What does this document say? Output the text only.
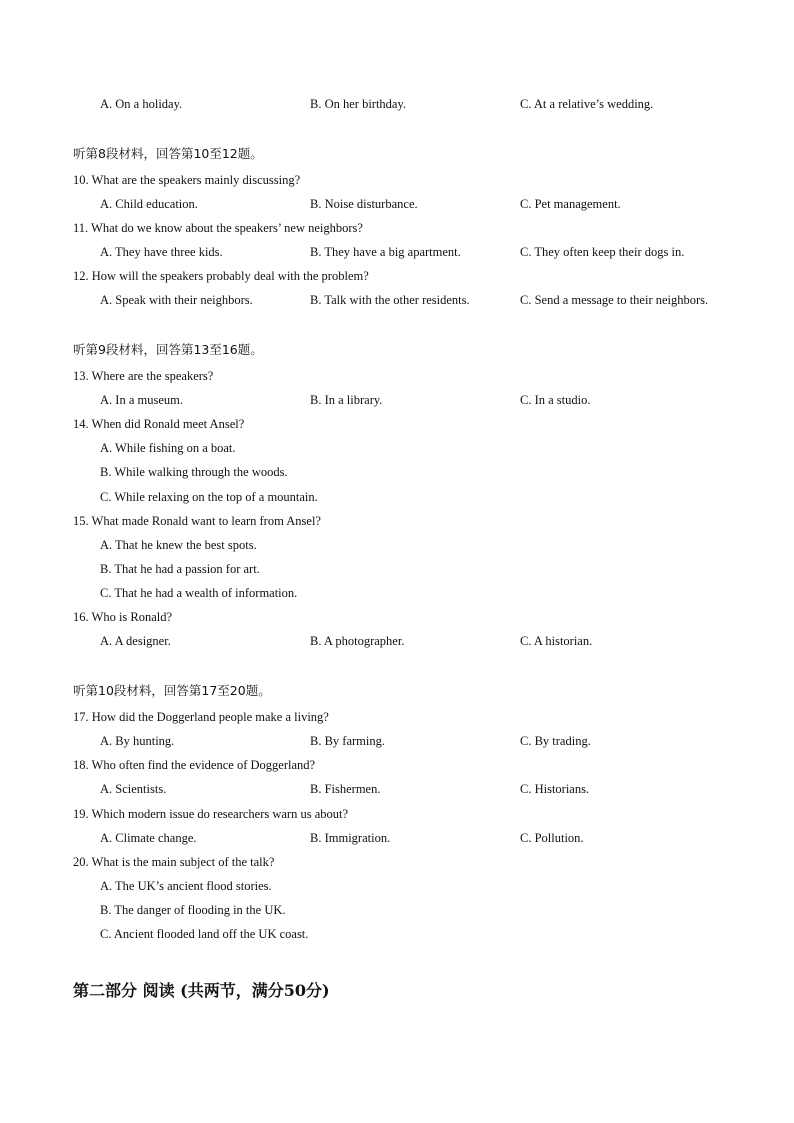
A. On a holiday.	B. On her birthday.	C. At a relative’s wedding.
听第8段材料，回答第10至12题。
10. What are the speakers mainly discussing?
A. Child education.	B. Noise disturbance.	C. Pet management.
11. What do we know about the speakers’ new neighbors?
A. They have three kids.	B. They have a big apartment.	C. They often keep their dogs in.
12. How will the speakers probably deal with the problem?
A. Speak with their neighbors.	B. Talk with the other residents.	C. Send a message to their neighbors.
听第9段材料，回答第13至16题。
13. Where are the speakers?
A. In a museum.	B. In a library.	C. In a studio.
14. When did Ronald meet Ansel?
A. While fishing on a boat.
B. While walking through the woods.
C. While relaxing on the top of a mountain.
15. What made Ronald want to learn from Ansel?
A. That he knew the best spots.
B. That he had a passion for art.
C. That he had a wealth of information.
16. Who is Ronald?
A. A designer.	B. A photographer.	C. A historian.
听第10段材料，回答第17至20题。
17. How did the Doggerland people make a living?
A. By hunting.	B. By farming.	C. By trading.
18. Who often find the evidence of Doggerland?
A. Scientists.	B. Fishermen.	C. Historians.
19. Which modern issue do researchers warn us about?
A. Climate change.	B. Immigration.	C. Pollution.
20. What is the main subject of the talk?
A. The UK’s ancient flood stories.
B. The danger of flooding in the UK.
C. Ancient flooded land off the UK coast.
第二部分 阅读 (共两节，满分50分)
